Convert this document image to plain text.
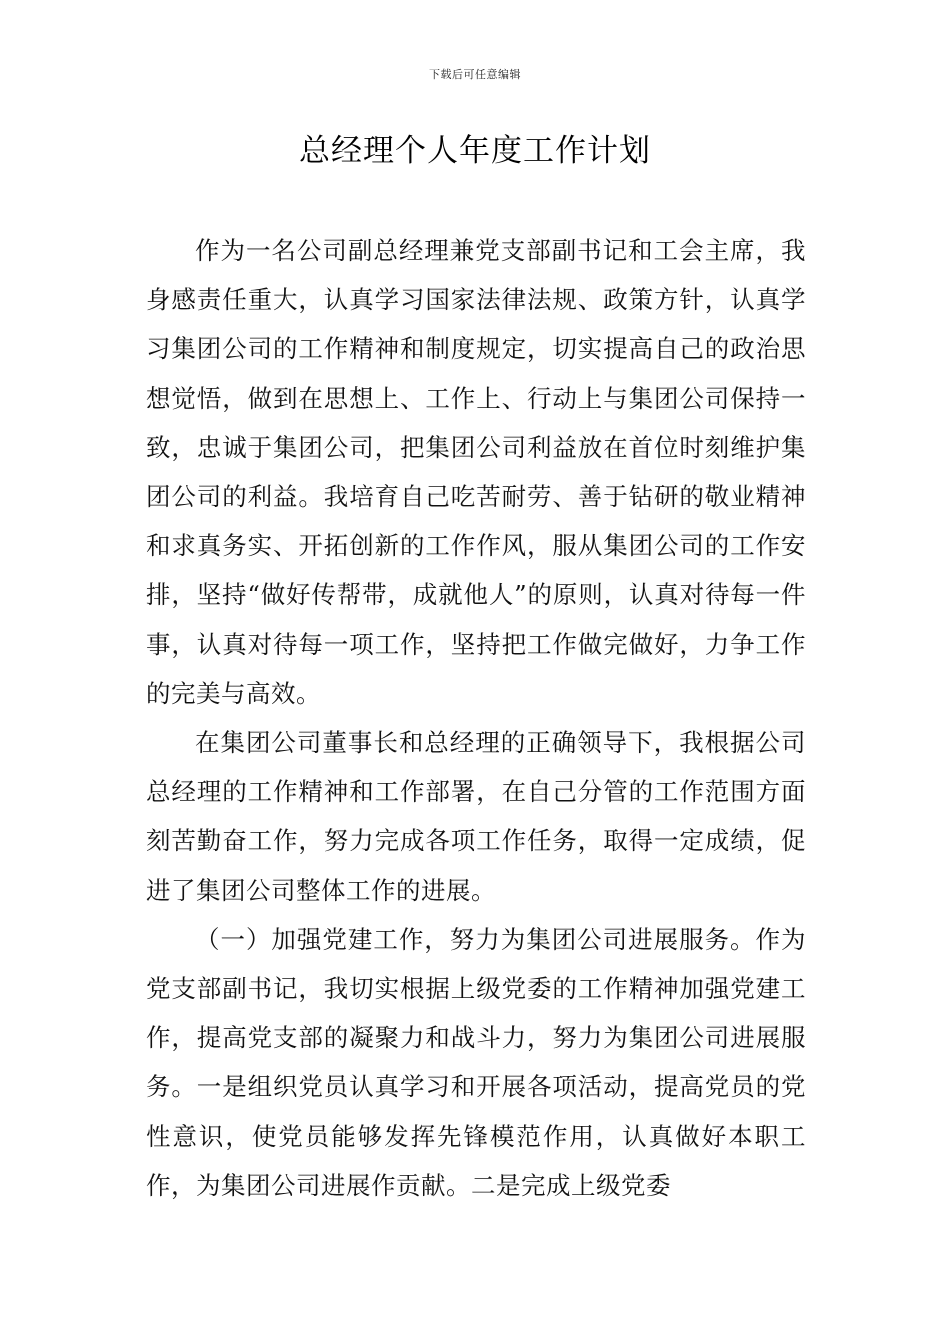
下载后可任意编辑
总经理个人年度工作计划

作为一名公司副总经理兼党支部副书记和工会主席，我身感责任重大，认真学习国家法律法规、政策方针，认真学习集团公司的工作精神和制度规定，切实提高自己的政治思想觉悟，做到在思想上、工作上、行动上与集团公司保持一致，忠诚于集团公司，把集团公司利益放在首位时刻维护集团公司的利益。我培育自己吃苦耐劳、善于钻研的敬业精神和求真务实、开拓创新的工作作风，服从集团公司的工作安排，坚持“做好传帮带，成就他人”的原则，认真对待每一件事，认真对待每一项工作，坚持把工作做完做好，力争工作的完美与高效。

在集团公司董事长和总经理的正确领导下，我根据公司总经理的工作精神和工作部署，在自己分管的工作范围方面刻苦勤奋工作，努力完成各项工作任务，取得一定成绩，促进了集团公司整体工作的进展。

（一）加强党建工作，努力为集团公司进展服务。作为党支部副书记，我切实根据上级党委的工作精神加强党建工作，提高党支部的凝聚力和战斗力，努力为集团公司进展服务。一是组织党员认真学习和开展各项活动，提高党员的党性意识，使党员能够发挥先锋模范作用，认真做好本职工作，为集团公司进展作贡献。二是完成上级党委
